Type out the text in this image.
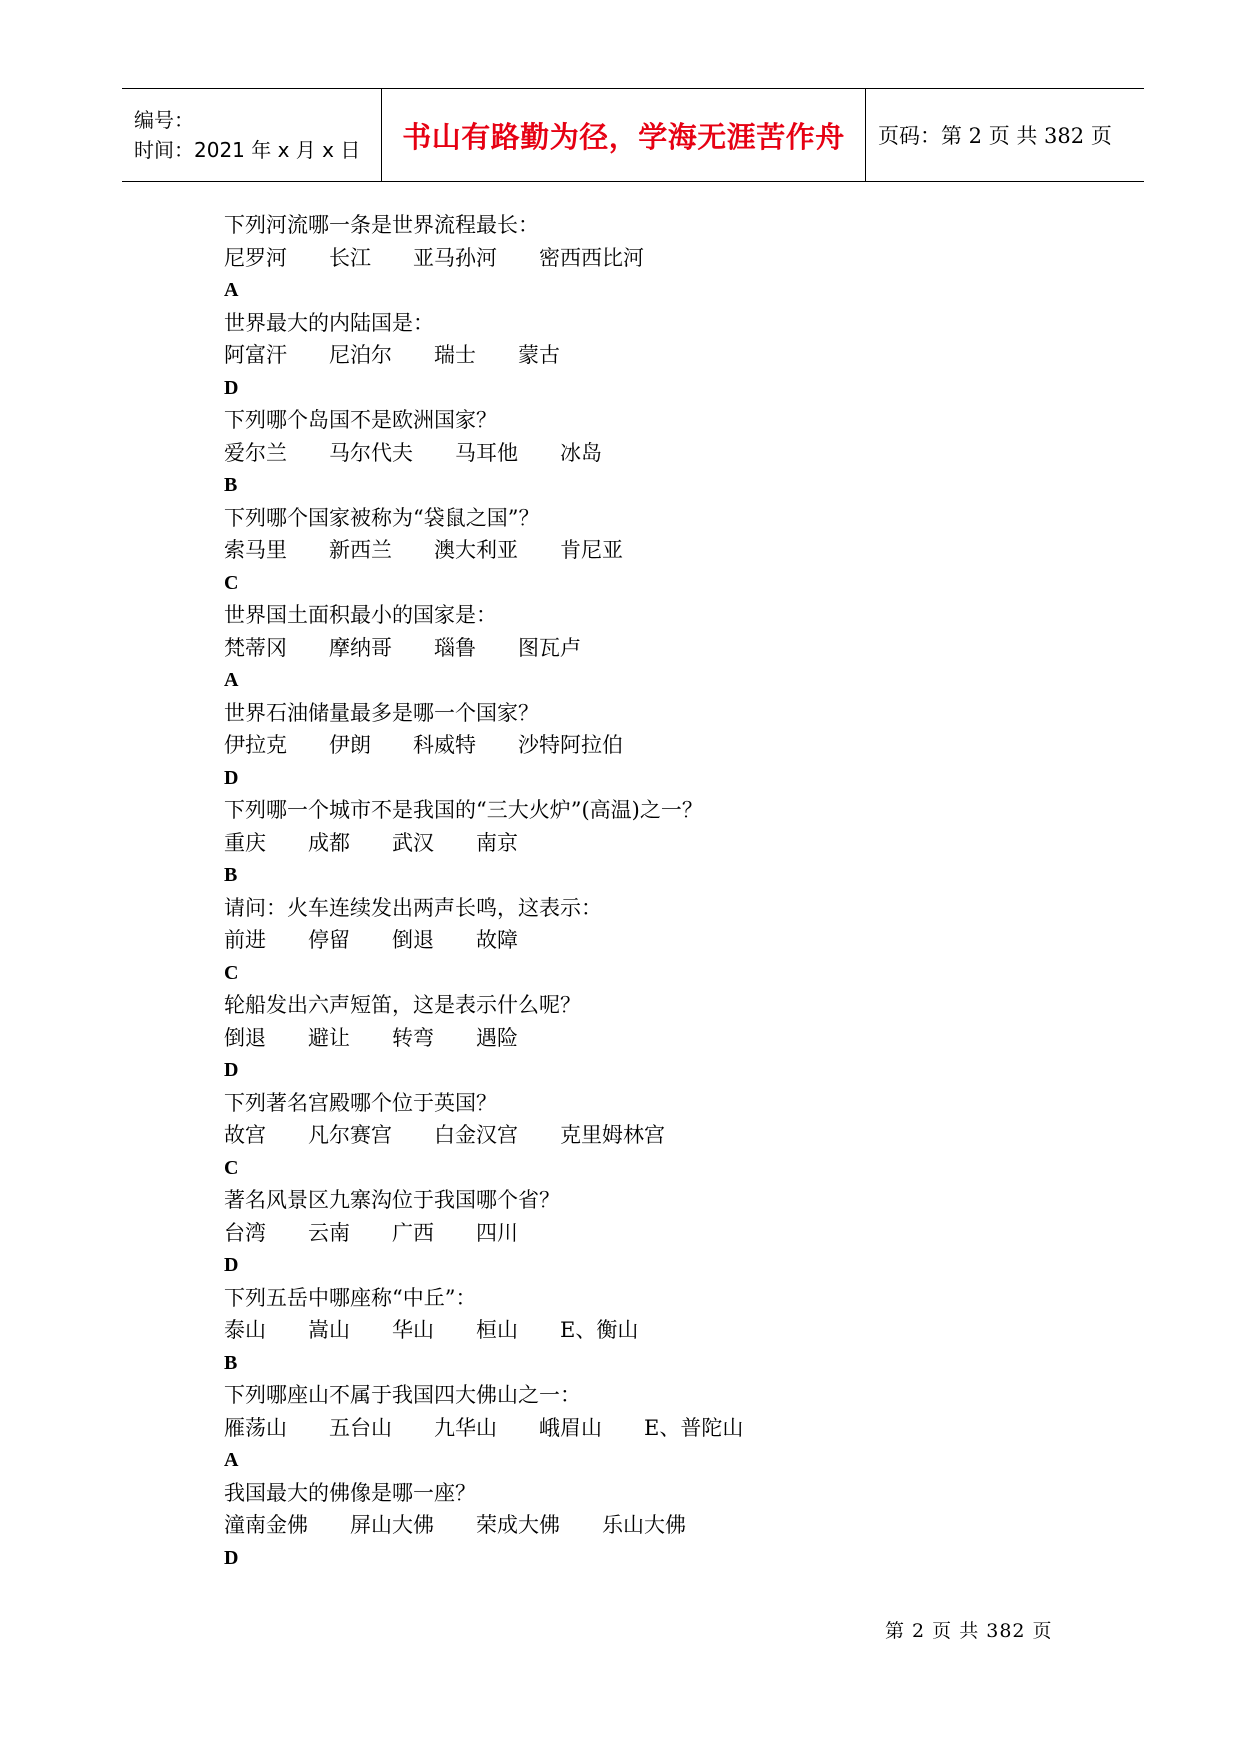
编号：
时间：2021 年 x 月 x 日	书山有路勤为径，学海无涯苦作舟 页码：第 2 页 共 382 页
下列河流哪一条是世界流程最长：
尼罗河 长江 亚马孙河 密西西比河
A
世界最大的内陆国是：
阿富汗 尼泊尔 瑞士 蒙古
D
下列哪个岛国不是欧洲国家？
爱尔兰 马尔代夫 马耳他 冰岛
B
下列哪个国家被称为“袋鼠之国”？
索马里 新西兰 澳大利亚 肯尼亚
C
世界国土面积最小的国家是：
梵蒂冈 摩纳哥 瑙鲁 图瓦卢
A
世界石油储量最多是哪一个国家？
伊拉克 伊朗 科威特 沙特阿拉伯
D
下列哪一个城市不是我国的“三大火炉”(高温)之一？
重庆 成都 武汉 南京
B
请问：火车连续发出两声长鸣，这表示：
前进 停留 倒退 故障
C
轮船发出六声短笛，这是表示什么呢？
倒退 避让 转弯 遇险
D
下列著名宫殿哪个位于英国？
故宫 凡尔赛宫 白金汉宫 克里姆林宫
C
著名风景区九寨沟位于我国哪个省？
台湾 云南 广西 四川
D
下列五岳中哪座称“中丘”：
泰山 嵩山 华山 桓山 E、衡山
B
下列哪座山不属于我国四大佛山之一：
雁荡山 五台山 九华山 峨眉山 E、普陀山
A
我国最大的佛像是哪一座？
潼南金佛 屏山大佛 荣成大佛 乐山大佛
D
第 2 页 共 382 页
